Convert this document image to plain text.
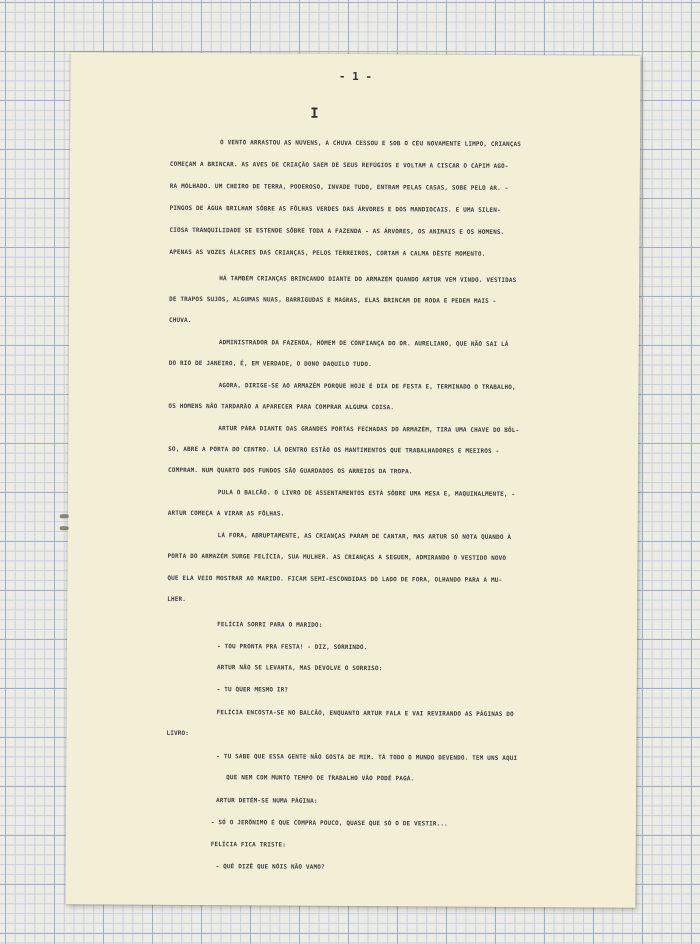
- 1 -
I

O VENTO ARRASTOU AS NUVENS, A CHUVA CESSOU E SOB O CÉU NOVAMENTE LIMPO, CRIANÇAS

COMEÇAM A BRINCAR. AS AVES DE CRIAÇÃO SAEM DE SEUS REFÚGIOS E VOLTAM A CISCAR O CAPIM AGO-

RA MOLHADO. UM CHEIRO DE TERRA, PODEROSO, INVADE TUDO, ENTRAM PELAS CASAS, SOBE PELO AR. -

PINGOS DE ÁGUA BRILHAM SÔBRE AS FÔLHAS VERDES DAS ÁRVORES E DOS MANDIOCAIS. E UMA SILEN-

CIOSA TRANQUILIDADE SE ESTENDE SÔBRE TODA A FAZENDA - AS ÁRVORES, OS ANIMAIS E OS HOMENS.

APENAS AS VOZES ÁLACRES DAS CRIANÇAS, PELOS TERREIROS, CORTAM A CALMA DÊSTE MOMENTO.

HÁ TAMBÉM CRIANÇAS BRINCANDO DIANTE DO ARMAZÉM QUANDO ARTUR VEM VINDO. VESTIDAS

DE TRAPOS SUJOS, ALGUMAS NUAS, BARRIGUDAS E MAGRAS, ELAS BRINCAM DE RODA E PEDEM MAIS -

CHUVA.

ADMINISTRADOR DA FAZENDA, HOMEM DE CONFIANÇA DO DR. AURELIANO, QUE NÃO SAI LÁ

DO RIO DE JANEIRO, É, EM VERDADE, O DONO DAQUILO TUDO.

AGORA, DIRIGE-SE AO ARMAZÉM PORQUE HOJE É DIA DE FESTA E, TERMINADO O TRABALHO,

OS HOMENS NÃO TARDARÃO A APARECER PARA COMPRAR ALGUMA COISA.

ARTUR PÁRA DIANTE DAS GRANDES PORTAS FECHADAS DO ARMAZÉM, TIRA UMA CHAVE DO BÔL-

SO, ABRE A PORTA DO CENTRO. LÁ DENTRO ESTÃO OS MANTIMENTOS QUE TRABALHADORES E MEEIROS -

COMPRAM. NUM QUARTO DOS FUNDOS SÃO GUARDADOS OS ARREIOS DA TROPA.

PULA O BALCÃO. O LIVRO DE ASSENTAMENTOS ESTÁ SÔBRE UMA MESA E, MAQUINALMENTE, -

ARTUR COMEÇA A VIRAR AS FÔLHAS.

LÁ FORA, ABRUPTAMENTE, AS CRIANÇAS PARAM DE CANTAR, MAS ARTUR SÓ NOTA QUANDO À

PORTA DO ARMAZÉM SURGE FELÍCIA, SUA MULHER. AS CRIANÇAS A SEGUEM, ADMIRANDO O VESTIDO NOVO

QUE ELA VEIO MOSTRAR AO MARIDO. FICAM SEMI-ESCONDIDAS DO LADO DE FORA, OLHANDO PARA A MU-

LHER.

FELÍCIA SORRI PARA O MARIDO:

- TOU PRONTA PRA FESTA! - DIZ, SORRINDO.

ARTUR NÃO SE LEVANTA, MAS DEVOLVE O SORRISO:

- TU QUER MESMO IR?

FELÍCIA ENCOSTA-SE NO BALCÃO, ENQUANTO ARTUR FALA E VAI REVIRANDO AS PÁGINAS DO

LIVRO:

- TU SABE QUE ESSA GENTE NÃO GOSTA DE MIM. TÁ TODO O MUNDO DEVENDO. TEM UNS AQUI

QUE NEM COM MUNTO TEMPO DE TRABALHO VÃO PODÊ PAGÁ.

ARTUR DETÉM-SE NUMA PÁGINA:

- SÓ O JERÔNIMO É QUE COMPRA POUCO, QUASE QUE SÓ O DE VESTIR...

FELÍCIA FICA TRISTE:

- QUÉ DIZÊ QUE NÓIS NÃO VAMO?
